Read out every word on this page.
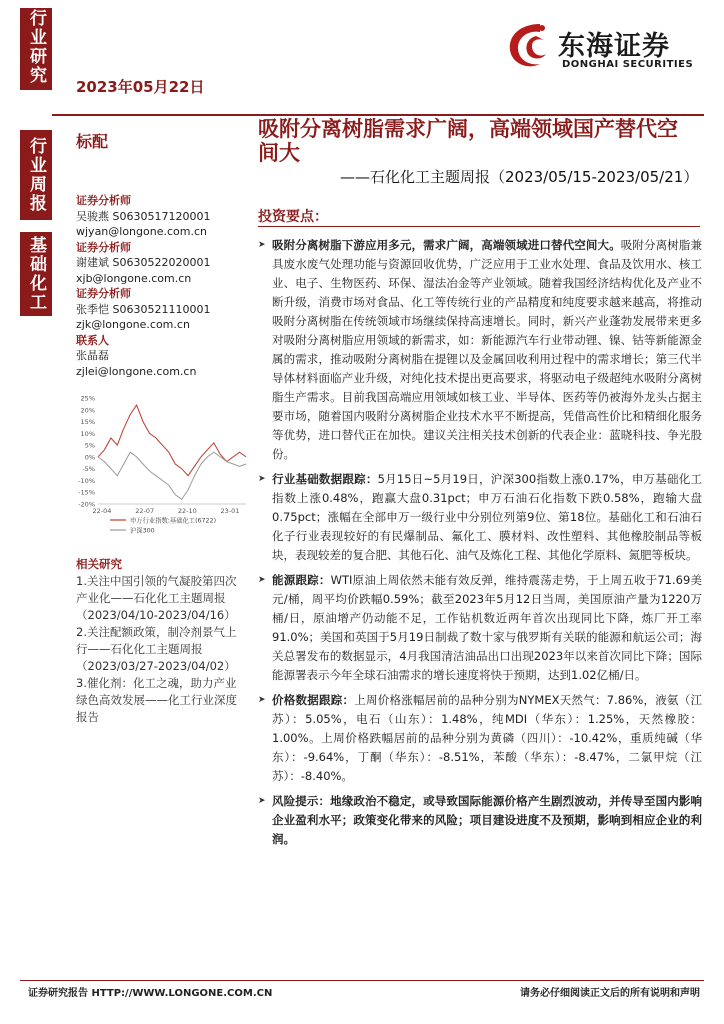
行业研究
行业周报
基础化工
2023年05月22日
东海证券
DONGHAI SECURITIES
标配
吸附分离树脂需求广阔，高端领域国产替代空间大
——石化化工主题周报（2023/05/15-2023/05/21）
证券分析师
吴骏燕 S0630517120001
wjyan@longone.com.cn
证券分析师
谢建斌 S0630522020001
xjb@longone.com.cn
证券分析师
张季恺 S0630521110001
zjk@longone.com.cn
联系人
张晶磊
zjlei@longone.com.cn
25%
20%
15%
10%
5%
0%
-5%
-10%
-15%
-20%
22-04	22-07	22-10	23-01
申万行业指数:基础化工(6722)
沪深300
相关研究
1.关注中国引领的气凝胶第四次产业化——石化化工主题周报（2023/04/10-2023/04/16）
2.关注配额政策，制冷剂景气上行——石化化工主题周报（2023/03/27-2023/04/02）
3.催化剂：化工之魂，助力产业绿色高效发展——化工行业深度报告
投资要点：
➤ 吸附分离树脂下游应用多元，需求广阔，高端领域进口替代空间大。吸附分离树脂兼具废水废气处理功能与资源回收优势，广泛应用于工业水处理、食品及饮用水、核工业、电子、生物医药、环保、湿法冶金等产业领域。随着我国经济结构优化及产业不断升级，消费市场对食品、化工等传统行业的产品精度和纯度要求越来越高，将推动吸附分离树脂在传统领域市场继续保持高速增长。同时，新兴产业蓬勃发展带来更多对吸附分离树脂应用领域的新需求，如：新能源汽车行业带动锂、镍、钴等新能源金属的需求，推动吸附分离树脂在提锂以及金属回收利用过程中的需求增长；第三代半导体材料面临产业升级，对纯化技术提出更高要求，将驱动电子级超纯水吸附分离树脂生产需求。目前我国高端应用领域如核工业、半导体、医药等仍被海外龙头占据主要市场，随着国内吸附分离树脂企业技术水平不断提高，凭借高性价比和精细化服务等优势，进口替代正在加快。建议关注相关技术创新的代表企业：蓝晓科技、争光股份。
➤ 行业基础数据跟踪：5月15日~5月19日，沪深300指数上涨0.17%，申万基础化工指数上涨0.48%，跑赢大盘0.31pct；申万石油石化指数下跌0.58%，跑输大盘0.75pct；涨幅在全部申万一级行业中分别位列第9位、第18位。基础化工和石油石化子行业表现较好的有民爆制品、氟化工、膜材料、改性塑料、其他橡胶制品等板块，表现较差的复合肥、其他石化、油气及炼化工程、其他化学原料、氮肥等板块。
➤ 能源跟踪：WTI原油上周依然未能有效反弹，维持震荡走势，于上周五收于71.69美元/桶，周平均价跌幅0.59%；截至2023年5月12日当周，美国原油产量为1220万桶/日，原油增产仍动能不足，工作钻机数近两年首次出现同比下降，炼厂开工率91.0%；美国和英国于5月19日制裁了数十家与俄罗斯有关联的能源和航运公司；海关总署发布的数据显示，4月我国清洁油品出口出现2023年以来首次同比下降；国际能源署表示今年全球石油需求的增长速度将快于预期，达到1.02亿桶/日。
➤ 价格数据跟踪：上周价格涨幅居前的品种分别为NYMEX天然气：7.86%，液氨（江苏）：5.05%，电石（山东）：1.48%，纯MDI（华东）：1.25%，天然橡胶：1.00%。上周价格跌幅居前的品种分别为黄磷（四川）：-10.42%，重质纯碱（华东）：-9.64%，丁酮（华东）：-8.51%，苯酸（华东）：-8.47%，二氯甲烷（江苏）：-8.40%。
➤ 风险提示：地缘政治不稳定，或导致国际能源价格产生剧烈波动，并传导至国内影响企业盈利水平；政策变化带来的风险；项目建设进度不及预期，影响到相应企业的利润。
证券研究报告 HTTP://WWW.LONGONE.COM.CN	请务必仔细阅读正文后的所有说明和声明
